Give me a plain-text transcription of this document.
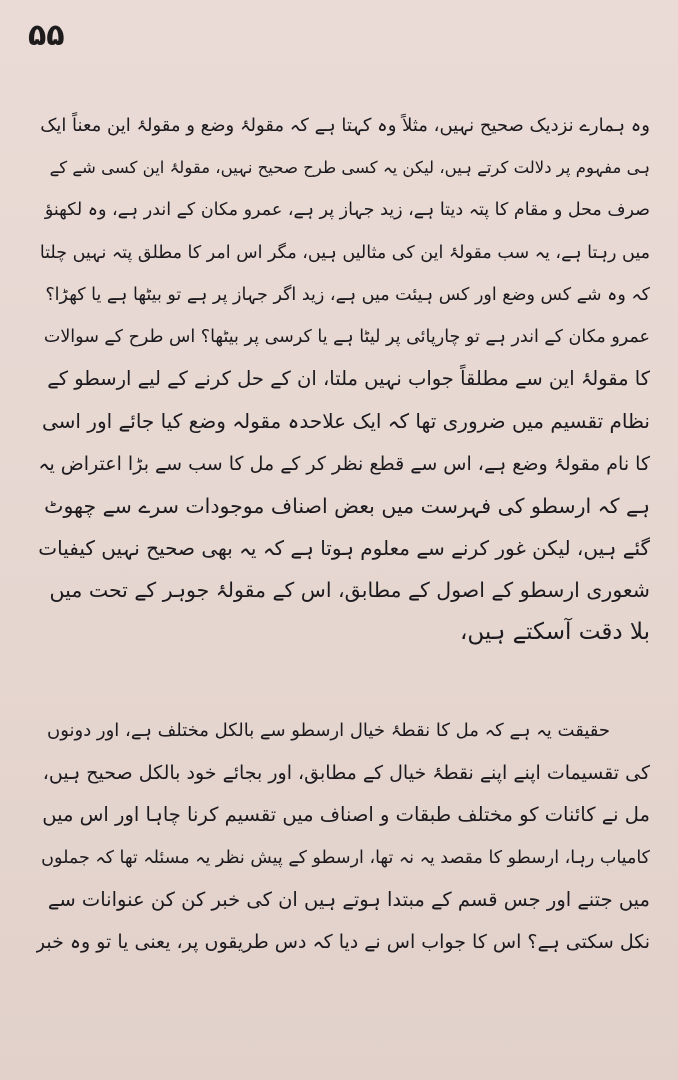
۵۵
وہ ہمارے نزدیک صحیح نہیں، مثلاً وہ کہتا ہے کہ مقولۂ وضع و مقولۂ این معناً ایک
ہی مفہوم پر دلالت کرتے ہیں، لیکن یہ کسی طرح صحیح نہیں، مقولۂ این کسی شے کے
صرف محل و مقام کا پتہ دیتا ہے، زید جہاز پر ہے، عمرو مکان کے اندر ہے، وہ لکھنؤ
میں رہتا ہے، یہ سب مقولۂ این کی مثالیں ہیں، مگر اس امر کا مطلق پتہ نہیں چلتا
کہ وہ شے کس وضع اور کس ہیئت میں ہے، زید اگر جہاز پر ہے تو بیٹھا ہے یا کھڑا؟
عمرو مکان کے اندر ہے تو چارپائی پر لیٹا ہے یا کرسی پر بیٹھا؟ اس طرح کے سوالات
کا مقولۂ این سے مطلقاً جواب نہیں ملتا، ان کے حل کرنے کے لیے ارسطو کے
نظام تقسیم میں ضروری تھا کہ ایک علاحدہ مقولہ وضع کیا جائے اور اسی
کا نام مقولۂ وضع ہے، اس سے قطع نظر کر کے مل کا سب سے بڑا اعتراض یہ
ہے کہ ارسطو کی فہرست میں بعض اصناف موجودات سرے سے چھوٹ
گئے ہیں، لیکن غور کرنے سے معلوم ہوتا ہے کہ یہ بھی صحیح نہیں کیفیات
شعوری ارسطو کے اصول کے مطابق، اس کے مقولۂ جوہر کے تحت میں
بلا دقت آسکتے ہیں،
حقیقت یہ ہے کہ مل کا نقطۂ خیال ارسطو سے بالکل مختلف ہے، اور دونوں
کی تقسیمات اپنے اپنے نقطۂ خیال کے مطابق، اور بجائے خود بالکل صحیح ہیں،
مل نے کائنات کو مختلف طبقات و اصناف میں تقسیم کرنا چاہا اور اس میں
کامیاب رہا، ارسطو کا مقصد یہ نہ تھا، ارسطو کے پیش نظر یہ مسئلہ تھا کہ جملوں
میں جتنے اور جس قسم کے مبتدا ہوتے ہیں ان کی خبر کن کن عنوانات سے
نکل سکتی ہے؟ اس کا جواب اس نے دیا کہ دس طریقوں پر، یعنی یا تو وہ خبر
